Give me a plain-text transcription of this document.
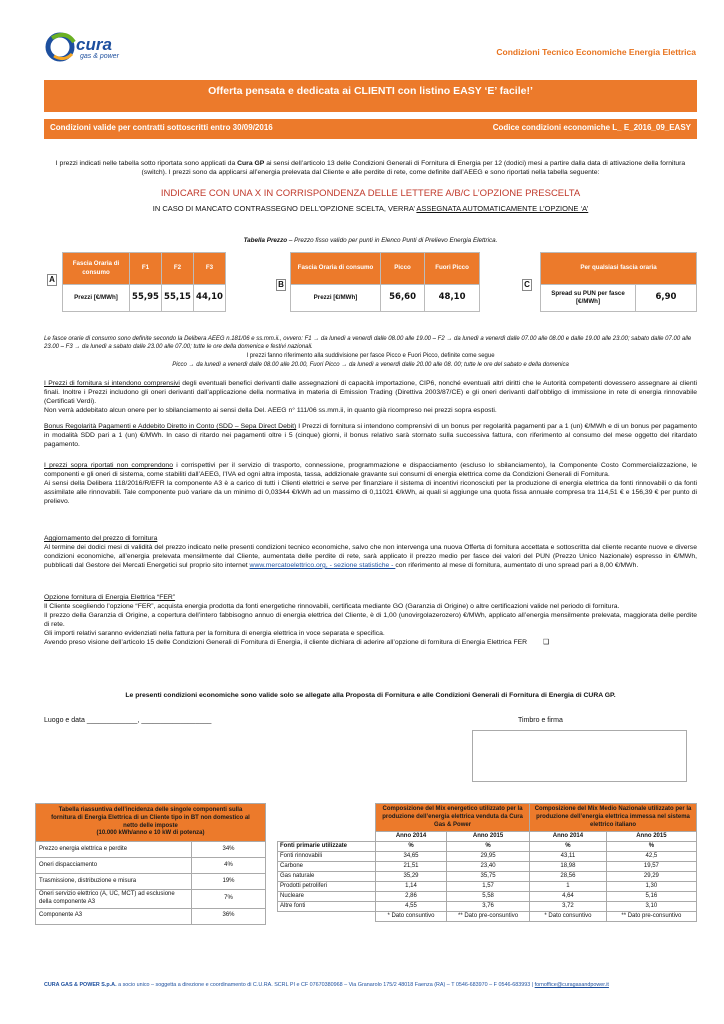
cura
gas & power	Condizioni Tecnico Economiche Energia Elettrica
Offerta pensata e dedicata ai CLIENTI con listino EASY ‘E’ facile!’
Condizioni valide per contratti sottoscritti entro 30/09/2016	Codice condizioni economiche L_ E_2016_09_EASY
I prezzi indicati nelle tabella sotto riportata sono applicati da Cura GP ai sensi dell’articolo 13 delle Condizioni Generali di Fornitura di Energia per 12 (dodici) mesi a partire dalla data di attivazione della fornitura (switch). I prezzi sono da applicarsi all’energia prelevata dal Cliente e alle perdite di rete, come definite dall’AEEG e sono riportati nella tabella seguente:
INDICARE CON UNA X IN CORRISPONDENZA DELLE LETTERE A/B/C L’OPZIONE PRESCELTA
IN CASO DI MANCATO CONTRASSEGNO DELL’OPZIONE SCELTA, VERRA’ ASSEGNATA AUTOMATICAMENTE L’OPZIONE ‘A’
Tabella Prezzo – Prezzo fisso valido per punti in Elenco Punti di Prelievo Energia Elettrica.
A
Fascia Oraria di consumo	F1	F2	F3
Prezzi [€/MWh]	55,95	55,15	44,10
B
Fascia Oraria di consumo	Picco	Fuori Picco
Prezzi [€/MWh]	56,60	48,10
C
Per qualsiasi fascia oraria
Spread su PUN per fasce [€/MWh]	6,90
Le fasce orarie di consumo sono definite secondo la Delibera AEEG n.181/06 e ss.mm.ii., ovvero: F1 → da lunedì a venerdì dalle 08.00 alle 19.00 – F2 → da lunedì a venerdì dalle 07.00 alle 08.00 e dalle 19.00 alle 23.00; sabato dalle 07.00 alle 23.00 – F3 → da lunedì a sabato dalle 23.00 alle 07.00; tutte le ore della domenica e festivi nazionali.
I prezzi fanno riferimento alla suddivisione per fasce Picco e Fuori Picco, definite come segue
Picco → da lunedì a venerdì dalle 08.00 alle 20.00, Fuori Picco → da lunedì a venerdì dalle 20.00 alle 08. 00; tutte le ore del sabato e della domenica
I Prezzi di fornitura si intendono comprensivi degli eventuali benefici derivanti dalle assegnazioni di capacità importazione, CIP6, nonché eventuali altri diritti che le Autorità competenti dovessero assegnare ai clienti finali. Inoltre i Prezzi includono gli oneri derivanti dall’applicazione della normativa in materia di Emission Trading (Direttiva 2003/87/CE) e gli oneri derivanti dall’obbligo di immissione in rete di energia rinnovabile (Certificati Verdi).
Non verrà addebitato alcun onere per lo sbilanciamento ai sensi della Del. AEEG n° 111/06 ss.mm.ii, in quanto già ricompreso nei prezzi sopra esposti.
Bonus Regolarità Pagamenti e Addebito Diretto in Conto (SDD – Sepa Direct Debit) I Prezzi di fornitura si intendono comprensivi di un bonus per regolarità pagamenti par a 1 (un) €/MWh e di un bonus per pagamento in modalità SDD pari a 1 (un) €/MWh. In caso di ritardo nei pagamenti oltre i 5 (cinque) giorni, il bonus relativo sarà stornato sulla successiva fattura, con riferimento al consumo del mese oggetto del ritardato pagamento.
I prezzi sopra riportati non comprendono i corrispettivi per il servizio di trasporto, connessione, programmazione e dispacciamento (escluso lo sbilanciamento), la Componente Costo Commercializzazione, le componenti e gli oneri di sistema, come stabiliti dall’AEEG, l’IVA ed ogni altra imposta, tassa, addizionale gravante sui consumi di energia elettrica come da Condizioni Generali di Fornitura.
Ai sensi della Delibera 118/2016/R/EFR la componente A3 è a carico di tutti i Clienti elettrici e serve per finanziare il sistema di incentivi riconosciuti per la produzione di energia elettrica da fonti rinnovabili o da fonti assimilate alle rinnovabili. Tale componente può variare da un minimo di 0,03344 €/kWh ad un massimo di 0,11021 €/kWh, ai quali si aggiunge una quota fissa annuale compresa tra 114,51 € e 156,39 € per punto di prelievo.
Aggiornamento del prezzo di fornitura
Al termine dei dodici mesi di validità del prezzo indicato nelle presenti condizioni tecnico economiche, salvo che non intervenga una nuova Offerta di fornitura accettata e sottoscritta dal cliente recante nuove e diverse condizioni economiche, all’energia prelevata mensilmente dal Cliente, aumentata delle perdite di rete, sarà applicato il prezzo medio per fasce dei valori del PUN (Prezzo Unico Nazionale) espresso in €/MWh, pubblicati dal Gestore dei Mercati Energetici sul proprio sito internet www.mercatoelettrico.org, - sezione statistiche - con riferimento al mese di fornitura, aumentato di uno spread pari a 8,00 €/MWh.
Opzione fornitura di Energia Elettrica “FER”
Il Cliente scegliendo l’opzione “FER”, acquista energia prodotta da fonti energetiche rinnovabili, certificata mediante GO (Garanzia di Origine) o altre certificazioni valide nel periodo di fornitura.
Il prezzo della Garanzia di Origine, a copertura dell’intero fabbisogno annuo di energia elettrica del Cliente, è di 1,00 (unovirgolazerozero) €/MWh, applicato all’energia mensilmente prelevata, maggiorata delle perdite di rete.
Gli importi relativi saranno evidenziati nella fattura per la fornitura di energia elettrica in voce separata e specifica.
Avendo preso visione dell’articolo 15 delle Condizioni Generali di Fornitura di Energia, il cliente dichiara di aderire all’opzione di fornitura di Energia Elettrica FER ❑
Le presenti condizioni economiche sono valide solo se allegate alla Proposta di Fornitura e alle Condizioni Generali di Fornitura di Energia di CURA GP.
Luogo e data _____________, __________________	Timbro e firma
Tabella riassuntiva dell’incidenza delle singole componenti sulla fornitura di Energia Elettrica di un Cliente tipo in BT non domestico al netto delle imposte
(10.000 kWh/anno e 10 kW di potenza)	
Prezzo energia elettrica e perdite	34%
Oneri dispacciamento	4%
Trasmissione, distribuzione e misura	19%
Oneri servizio elettrico (A, UC, MCT) ad esclusione della componente A3	7%
Componente A3	36%
	Composizione del Mix energetico utilizzato per la produzione dell’energia elettrica venduta da Cura Gas & Power		Composizione del Mix Medio Nazionale utilizzato per la produzione dell’energia elettrica immessa nel sistema elettrico italiano	
	Anno 2014	Anno 2015	Anno 2014	Anno 2015
Fonti primarie utilizzate	%	%	%	%
Fonti rinnovabili	34,65	29,95	43,11	42,5
Carbone	21,51	23,40	18,98	19,57
Gas naturale	35,29	35,75	28,56	29,29
Prodotti petroliferi	1,14	1,57	1	1,30
Nucleare	2,86	5,58	4,64	5,16
Altre fonti	4,55	3,76	3,72	3,10
	* Dato consuntivo	** Dato pre-consuntivo	* Dato consuntivo	** Dato pre-consuntivo
CURA GAS & POWER S.p.A. a socio unico – soggetta a direzione e coordinamento di C.U.RA. SCRL PI e CF 07670380968 – Via Granarolo 175/2 48018 Faenza (RA) – T 0546-683970 – F 0546-683993 | fornoffice@curagasandpower.it
